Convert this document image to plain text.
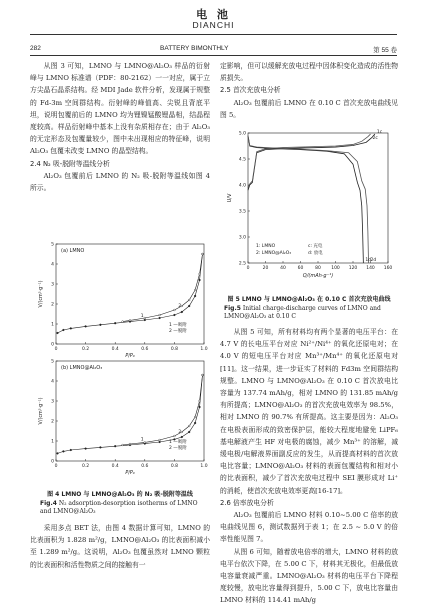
电 池
DIANCHI
282	BATTERY BIMONTHLY	第 55 卷

从图 3 可知，LMNO 与 LMNO@Al₂O₃ 样品的衍射峰与 LMNO 标准谱（PDF：80-2162）一一对应，属于立方尖晶石晶系结构。经 MDI Jade 软件分析，发现属于规整的 Fd-3m 空间群结构。衍射峰的峰值高、尖锐且背底平坦，说明包覆前后的 LMNO 均为锂镍锰酸锂晶相，结晶程度较高。样品衍射峰中基本上没有杂质相存在；由于 Al₂O₃ 的无定形态及包覆量较少，图中未出现相应的特征峰，说明 Al₂O₃ 包覆未改变 LMNO 的晶型结构。

2.4 N₂ 吸-脱附等温线分析

Al₂O₃ 包覆前后 LMNO 的 N₂ 吸-脱附等温线如图 4 所示。

0	0.2	0.4	0.6	0.8	1.0
0
1
2
3
4
5
P/P₀
V/(cm³·g⁻¹)
(a) LMNO
1
2
1 —吸附
2 —脱附
0	0.2	0.4	0.6	0.8	1.0
0
1
2
3
4
5
P/P₀
V/(cm³·g⁻¹)
(b) LMNO@Al₂O₃
1
2
1 —吸附
2 —脱附
图 4 LMNO 与 LMNO@Al₂O₃ 的 N₂ 吸-脱附等温线
Fig.4 N₂ adsorption-desorption isotherms of LMNO and LMNO@Al₂O₃

采用多点 BET 法，由图 4 数据计算可知，LMNO 的比表面积为 1.828 m²/g，LMNO@Al₂O₃ 的比表面积减小至 1.289 m²/g。这说明，Al₂O₃ 包覆虽然对 LMNO 颗粒的比表面积和活性物质之间的接触有一

定影响，但可以缓解充放电过程中因体积变化造成的活性物质损失。

2.5 首次充放电分析

Al₂O₃ 包覆前后 LMNO 在 0.10 C 首次充放电曲线见图 5。

0	20	40	60	80 100 120 140 160
2.5
3.0
3.5
4.0
4.5
5.0
Q/(mAh·g⁻¹)
U/V
1c
2c
1d 2d
1: LMNO
2: LMNO@Al₂O₃
c: 充电
d: 放电
图 5 LMNO 与 LMNO@Al₂O₃ 在 0.10 C 首次充放电曲线
Fig.5 Initial charge-discharge curves of LMNO and LMNO@Al₂O₃ at 0.10 C

从图 5 可知，所有材料均有两个显著的电压平台：在 4.7 V 的长电压平台对应 Ni²⁺/Ni⁴⁺ 的氧化还原电对；在 4.0 V 的短电压平台对应 Mn³⁺/Mn⁴⁺ 的氧化还原电对[11]。这一结果，进一步证实了材料的 Fd3m 空间群结构规整。LMNO 与 LMNO@Al₂O₃ 在 0.10 C 首次放电比容量为 137.74 mAh/g，相对 LMNO 的 131.85 mAh/g 有所提高；LMNO@Al₂O₃ 的首次充放电效率为 98.5%，相对 LMNO 的 90.7% 有所提高。这主要是因为：Al₂O₃ 在电极表面形成的致密保护层，能较大程度地避免 LiPF₆ 基电解液产生 HF 对电极的腐蚀，减少 Mn³⁺ 的溶解，减缓电极/电解液界面副反应的发生，从而提高材料的首次放电比容量；LMNO@Al₂O₃ 材料的表面包覆结构和相对小的比表面积，减少了首次充放电过程中 SEI 膜形成对 Li⁺ 的消耗，使首次充放电效率更高[16-17]。

2.6 倍率放电分析

Al₂O₃ 包覆前后 LMNO 材料 0.10~5.00 C 倍率的放电曲线见图 6，测试数据列于表 1；在 2.5 ~ 5.0 V 的倍率性能见图 7。

从图 6 可知，随着放电倍率的增大，LMNO 材料的放电平台依次下降，在 5.00 C 下，材料其无极化，但最低放电容量衰减严重。LMNO@Al₂O₃ 材料的电压平台下降程度较慢，放电比容量得到提升，5.00 C 下，放电比容量由 LMNO 材料的 114.41 mAh/g
